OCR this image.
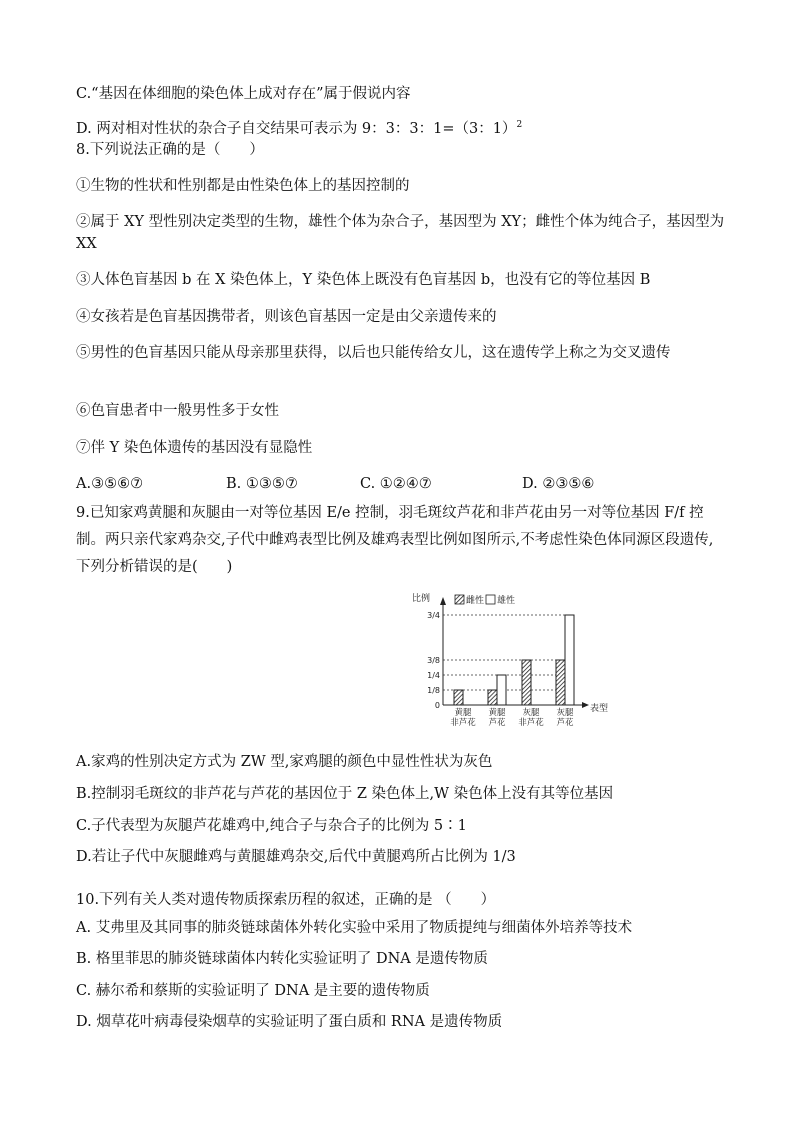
C.“基因在体细胞的染色体上成对存在”属于假说内容
D. 两对相对性状的杂合子自交结果可表示为 9：3：3：1=（3：1）$^2$
8.下列说法正确的是（　　）
①生物的性状和性别都是由性染色体上的基因控制的
②属于 XY 型性别决定类型的生物，雄性个体为杂合子，基因型为 XY；雌性个体为纯合子，基因型为 XX
③人体色盲基因 b 在 X 染色体上，Y 染色体上既没有色盲基因 b，也没有它的等位基因 B
④女孩若是色盲基因携带者，则该色盲基因一定是由父亲遗传来的
⑤男性的色盲基因只能从母亲那里获得，以后也只能传给女儿，这在遗传学上称之为交叉遗传
⑥色盲患者中一般男性多于女性
⑦伴 Y 染色体遗传的基因没有显隐性
A.③⑤⑥⑦	B. ①③⑤⑦	C. ①②④⑦	D. ②③⑤⑥
9.已知家鸡黄腿和灰腿由一对等位基因 E/e 控制，羽毛斑纹芦花和非芦花由另一对等位基因 F/f 控制。两只亲代家鸡杂交,子代中雌鸡表型比例及雄鸡表型比例如图所示,不考虑性染色体同源区段遗传,下列分析错误的是(　　)
比例
表型
3/4
3/8
1/4
1/8
0
雌性 雄性
黄腿
非芦花
黄腿
芦花
灰腿
非芦花
灰腿
芦花
A.家鸡的性别决定方式为 ZW 型,家鸡腿的颜色中显性性状为灰色
B.控制羽毛斑纹的非芦花与芦花的基因位于 Z 染色体上,W 染色体上没有其等位基因
C.子代表型为灰腿芦花雄鸡中,纯合子与杂合子的比例为 5∶1
D.若让子代中灰腿雌鸡与黄腿雄鸡杂交,后代中黄腿鸡所占比例为 1/3
10.下列有关人类对遗传物质探索历程的叙述，正确的是 （　　）
A. 艾弗里及其同事的肺炎链球菌体外转化实验中采用了物质提纯与细菌体外培养等技术
B. 格里菲思的肺炎链球菌体内转化实验证明了 DNA 是遗传物质
C. 赫尔希和蔡斯的实验证明了 DNA 是主要的遗传物质
D. 烟草花叶病毒侵染烟草的实验证明了蛋白质和 RNA 是遗传物质
